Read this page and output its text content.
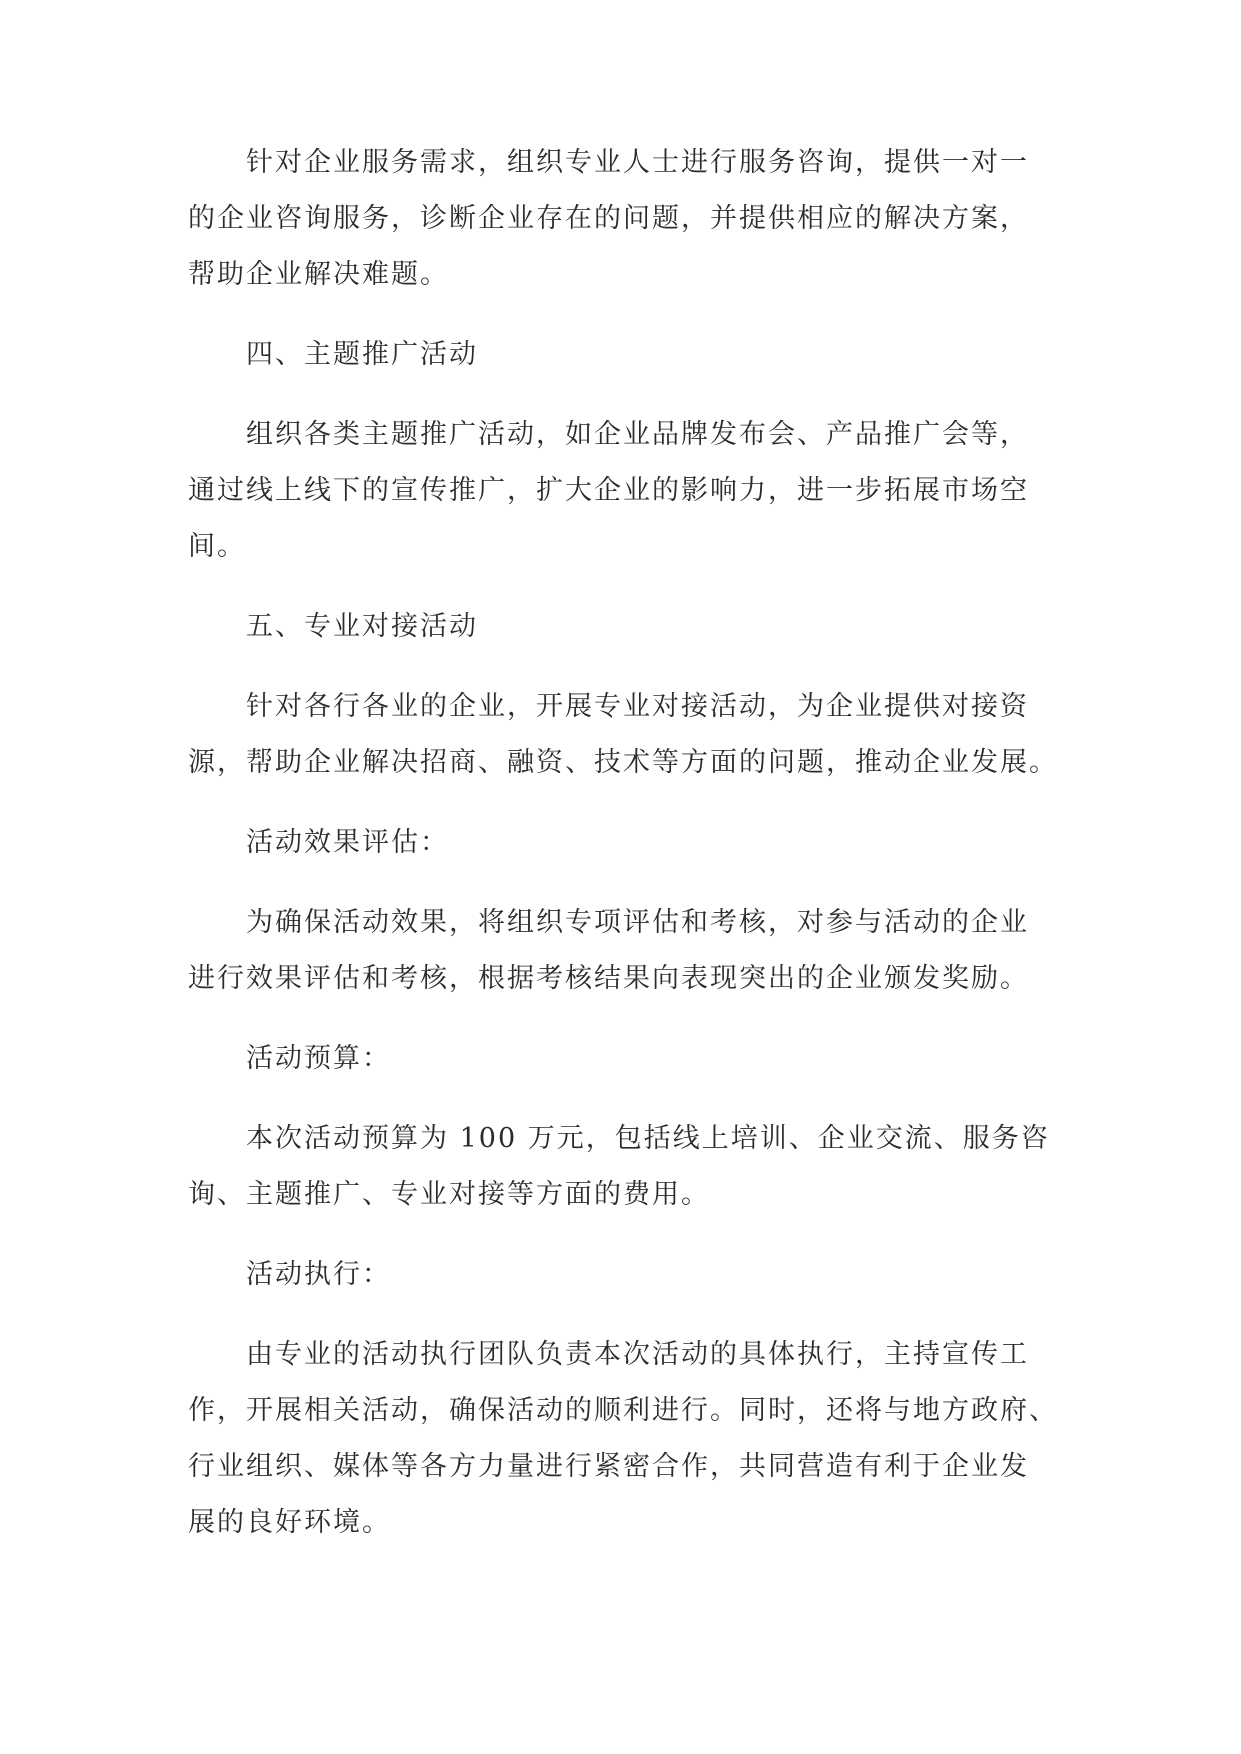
针对企业服务需求，组织专业人士进行服务咨询，提供一对一
的企业咨询服务，诊断企业存在的问题，并提供相应的解决方案，
帮助企业解决难题。
四、主题推广活动
组织各类主题推广活动，如企业品牌发布会、产品推广会等，
通过线上线下的宣传推广，扩大企业的影响力，进一步拓展市场空
间。
五、专业对接活动
针对各行各业的企业，开展专业对接活动，为企业提供对接资
源，帮助企业解决招商、融资、技术等方面的问题，推动企业发展。
活动效果评估：
为确保活动效果，将组织专项评估和考核，对参与活动的企业
进行效果评估和考核，根据考核结果向表现突出的企业颁发奖励。
活动预算：
本次活动预算为 100 万元，包括线上培训、企业交流、服务咨
询、主题推广、专业对接等方面的费用。
活动执行：
由专业的活动执行团队负责本次活动的具体执行，主持宣传工
作，开展相关活动，确保活动的顺利进行。同时，还将与地方政府、
行业组织、媒体等各方力量进行紧密合作，共同营造有利于企业发
展的良好环境。
